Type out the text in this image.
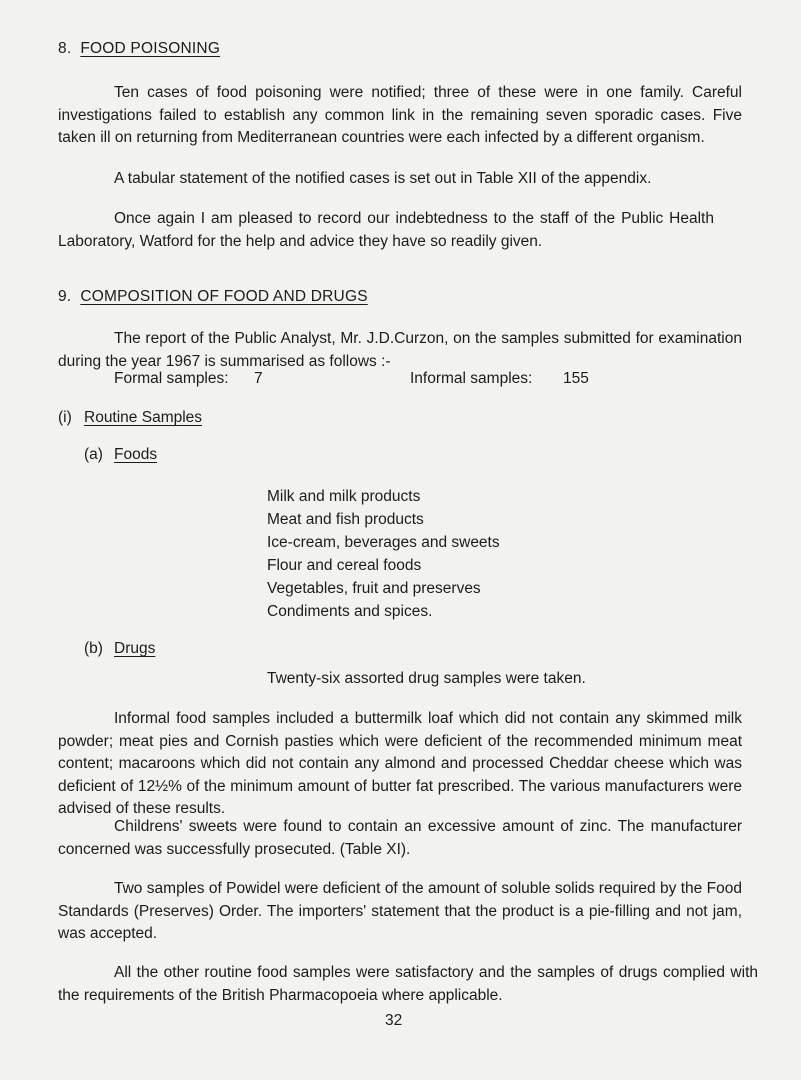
8. FOOD POISONING

Ten cases of food poisoning were notified; three of these were in one family. Careful investigations failed to establish any common link in the remaining seven sporadic cases. Five taken ill on returning from Mediterranean countries were each infected by a different organism.

A tabular statement of the notified cases is set out in Table XII of the appendix.

Once again I am pleased to record our indebtedness to the staff of the Public Health Laboratory, Watford for the help and advice they have so readily given.

9. COMPOSITION OF FOOD AND DRUGS

The report of the Public Analyst, Mr. J.D.Curzon, on the samples submitted for examination during the year 1967 is summarised as follows :-

Formal samples: 7	Informal samples: 155
(i) Routine Samples
(a) Foods

Milk and milk products

Meat and fish products

Ice-cream, beverages and sweets

Flour and cereal foods

Vegetables, fruit and preserves

Condiments and spices.

(b) Drugs

Twenty-six assorted drug samples were taken.

Informal food samples included a buttermilk loaf which did not contain any skimmed milk powder; meat pies and Cornish pasties which were deficient of the recommended minimum meat content; macaroons which did not contain any almond and processed Cheddar cheese which was deficient of 12½% of the minimum amount of butter fat prescribed. The various manufacturers were advised of these results.

Childrens' sweets were found to contain an excessive amount of zinc. The manufacturer concerned was successfully prosecuted. (Table XI).

Two samples of Powidel were deficient of the amount of soluble solids required by the Food Standards (Preserves) Order. The importers' statement that the product is a pie-filling and not jam, was accepted.

All the other routine food samples were satisfactory and the samples of drugs complied with the requirements of the British Pharmacopoeia where applicable.

32
